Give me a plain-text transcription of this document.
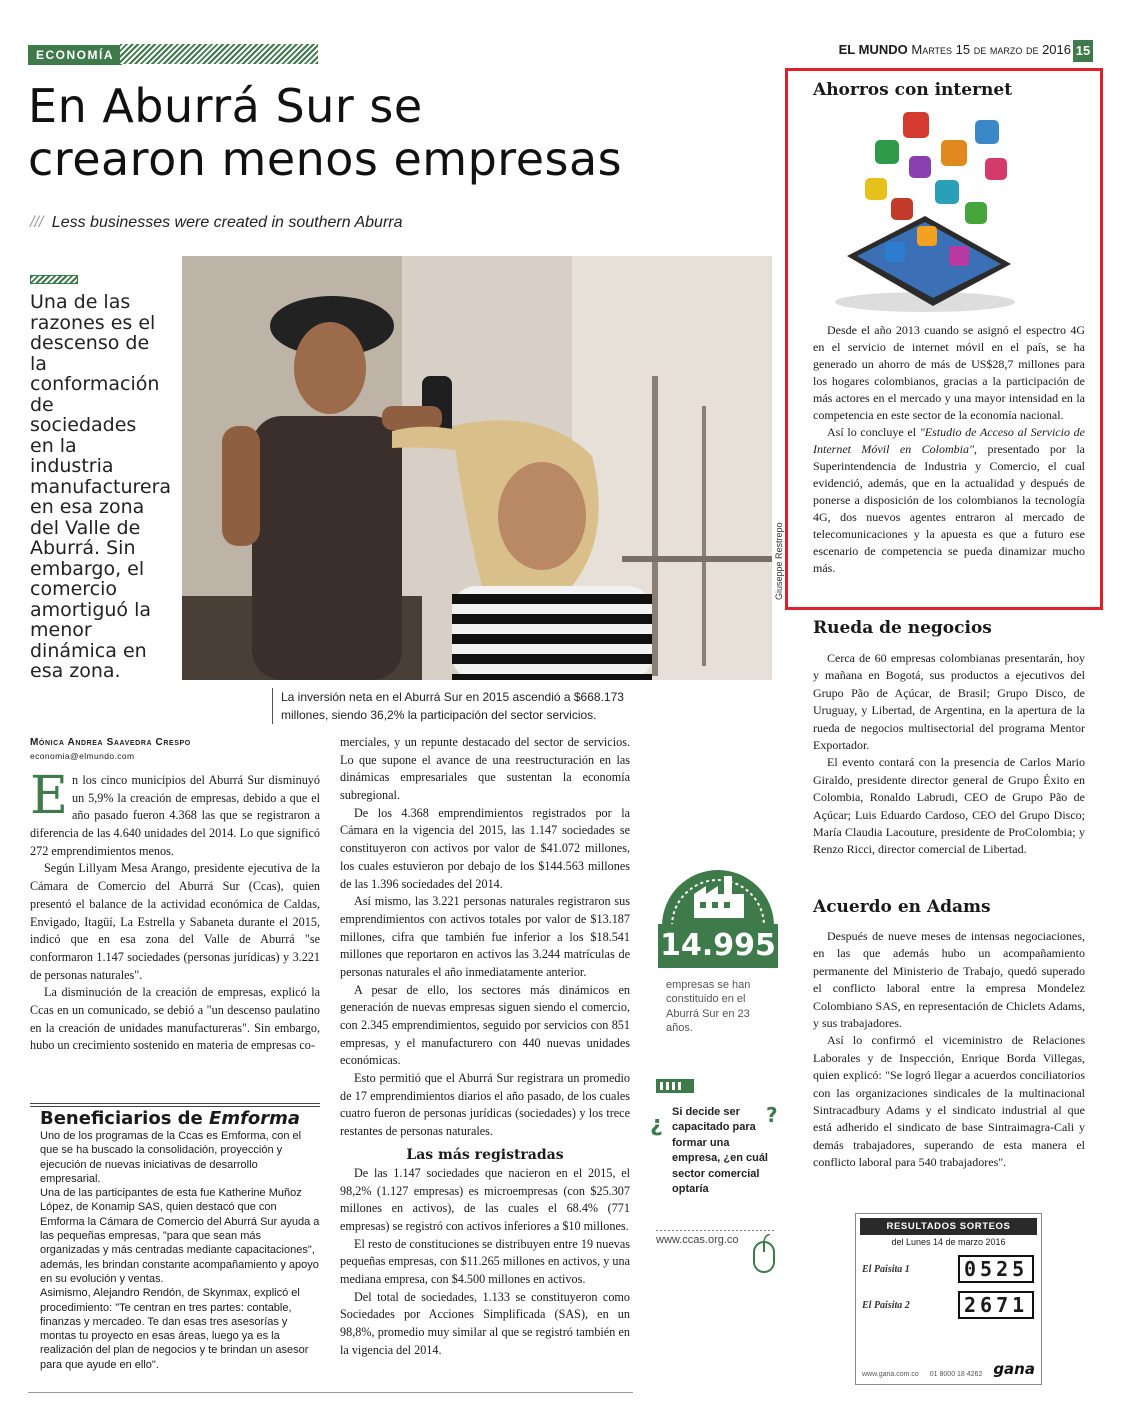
ECONOMÍA	EL MUNDO Martes 15 de marzo de 2016 15
En Aburrá Sur se
crearon menos empresas
/// Less businesses were created in southern Aburra
Una de las razones es el descenso de la conformación de sociedades en la industria manufacturera en esa zona del Valle de Aburrá. Sin embargo, el comercio amortiguó la menor dinámica en esa zona.
Giuseppe Restrepo
La inversión neta en el Aburrá Sur en 2015 ascendió a $668.173 millones, siendo 36,2% la participación del sector servicios.
Mónica Andrea Saavedra Crespo
economia@elmundo.com

En los cinco municipios del Aburrá Sur disminuyó un 5,9% la creación de empresas, debido a que el año pasado fueron 4.368 las que se registraron a diferencia de las 4.640 unidades del 2014. Lo que significó 272 emprendimientos menos.

Según Lillyam Mesa Arango, presidente ejecutiva de la Cámara de Comercio del Aburrá Sur (Ccas), quien presentó el balance de la actividad económica de Caldas, Envigado, Itagüí, La Estrella y Sabaneta durante el 2015, indicó que en esa zona del Valle de Aburrá "se conformaron 1.147 sociedades (personas jurídicas) y 3.221 de personas naturales".

La disminución de la creación de empresas, explicó la Ccas en un comunicado, se debió a "un descenso paulatino en la creación de unidades manufactureras". Sin embargo, hubo un crecimiento sostenido en materia de empresas co-

Beneficiarios de Emforma
Uno de los programas de la Ccas es Emforma, con el que se ha buscado la consolidación, proyección y ejecución de nuevas iniciativas de desarrollo empresarial.
Una de las participantes de esta fue Katherine Muñoz López, de Konamip SAS, quien destacó que con Emforma la Cámara de Comercio del Aburrá Sur ayuda a las pequeñas empresas, "para que sean más organizadas y más centradas mediante capacitaciones", además, les brindan constante acompañamiento y apoyo en su evolución y ventas.
Asimismo, Alejandro Rendón, de Skynmax, explicó el procedimiento: "Te centran en tres partes: contable, finanzas y mercadeo. Te dan esas tres asesorías y montas tu proyecto en esas áreas, luego ya es la realización del plan de negocios y te brindan un asesor para que ayude en ello".

merciales, y un repunte destacado del sector de servicios. Lo que supone el avance de una reestructuración en las dinámicas empresariales que sustentan la economía subregional.

De los 4.368 emprendimientos registrados por la Cámara en la vigencia del 2015, las 1.147 sociedades se constituyeron con activos por valor de $41.072 millones, los cuales estuvieron por debajo de los $144.563 millones de las 1.396 sociedades del 2014.

Así mismo, las 3.221 personas naturales registraron sus emprendimientos con activos totales por valor de $13.187 millones, cifra que también fue inferior a los $18.541 millones que reportaron en activos las 3.244 matrículas de personas naturales el año inmediatamente anterior.

A pesar de ello, los sectores más dinámicos en generación de nuevas empresas siguen siendo el comercio, con 2.345 emprendimientos, seguido por servicios con 851 empresas, y el manufacturero con 440 nuevas unidades económicas.

Esto permitió que el Aburrá Sur registrara un promedio de 17 emprendimientos diarios el año pasado, de los cuales cuatro fueron de personas jurídicas (sociedades) y los trece restantes de personas naturales.

Las más registradas

De las 1.147 sociedades que nacieron en el 2015, el 98,2% (1.127 empresas) es microempresas (con $25.307 millones en activos), de las cuales el 68.4% (771 empresas) se registró con activos inferiores a $10 millones.

El resto de constituciones se distribuyen entre 19 nuevas pequeñas empresas, con $11.265 millones en activos, y una mediana empresa, con $4.500 millones en activos.

Del total de sociedades, 1.133 se constituyeron como Sociedades por Acciones Simplificada (SAS), en un 98,8%, promedio muy similar al que se registró también en la vigencia del 2014.

14.995
empresas se han constituido en el Aburrá Sur en 23 años.
¿	?
Si decide ser capacitado para formar una empresa, ¿en cuál sector comercial optaría
www.ccas.org.co
Ahorros con internet

Desde el año 2013 cuando se asignó el espectro 4G en el servicio de internet móvil en el país, se ha generado un ahorro de más de US$28,7 millones para los hogares colombianos, gracias a la participación de más actores en el mercado y una mayor intensidad en la competencia en este sector de la economía nacional.

Así lo concluye el "Estudio de Acceso al Servicio de Internet Móvil en Colombia", presentado por la Superintendencia de Industria y Comercio, el cual evidenció, además, que en la actualidad y después de ponerse a disposición de los colombianos la tecnología 4G, dos nuevos agentes entraron al mercado de telecomunicaciones y la apuesta es que a futuro ese escenario de competencia se pueda dinamizar mucho más.

Rueda de negocios

Cerca de 60 empresas colombianas presentarán, hoy y mañana en Bogotá, sus productos a ejecutivos del Grupo Pão de Açúcar, de Brasil; Grupo Disco, de Uruguay, y Libertad, de Argentina, en la apertura de la rueda de negocios multisectorial del programa Mentor Exportador.

El evento contará con la presencia de Carlos Mario Giraldo, presidente director general de Grupo Éxito en Colombia, Ronaldo Labrudi, CEO de Grupo Pão de Açúcar; Luis Eduardo Cardoso, CEO del Grupo Disco; María Claudia Lacouture, presidente de ProColombia; y Renzo Ricci, director comercial de Libertad.

Acuerdo en Adams

Después de nueve meses de intensas negociaciones, en las que además hubo un acompañamiento permanente del Ministerio de Trabajo, quedó superado el conflicto laboral entre la empresa Mondelez Colombiano SAS, en representación de Chiclets Adams, y sus trabajadores.

Así lo confirmó el viceministro de Relaciones Laborales y de Inspección, Enrique Borda Villegas, quien explicó: "Se logró llegar a acuerdos conciliatorios con las organizaciones sindicales de la multinacional Sintracadbury Adams y el sindicato industrial al que está adherido el sindicato de base Sintraimagra-Cali y demás trabajadores, superando de esta manera el conflicto laboral para 540 trabajadores".

RESULTADOS SORTEOS
del Lunes 14 de marzo 2016
El Paisita 1	0525
El Paisita 2	2671
www.gana.com.co 01 8000 18 4262 gana
